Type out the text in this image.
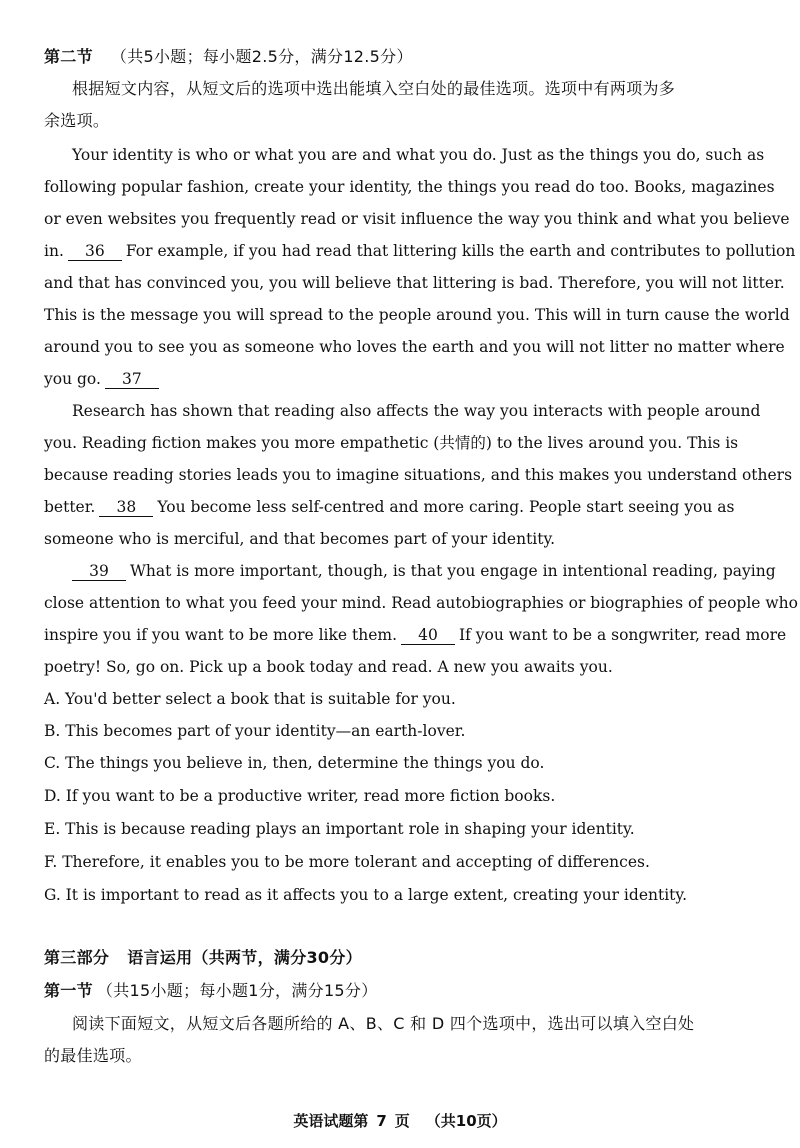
第二节 （共5小题；每小题2.5分，满分12.5分）
根据短文内容，从短文后的选项中选出能填入空白处的最佳选项。选项中有两项为多
余选项。
Your identity is who or what you are and what you do. Just as the things you do, such as
following popular fashion, create your identity, the things you read do too. Books, magazines
or even websites you frequently read or visit influence the way you think and what you believe
in. 36 For example, if you had read that littering kills the earth and contributes to pollution
and that has convinced you, you will believe that littering is bad. Therefore, you will not litter.
This is the message you will spread to the people around you. This will in turn cause the world
around you to see you as someone who loves the earth and you will not litter no matter where
you go. 37
Research has shown that reading also affects the way you interacts with people around
you. Reading fiction makes you more empathetic (共情的) to the lives around you. This is
because reading stories leads you to imagine situations, and this makes you understand others
better. 38 You become less self-centred and more caring. People start seeing you as
someone who is merciful, and that becomes part of your identity.
39 What is more important, though, is that you engage in intentional reading, paying
close attention to what you feed your mind. Read autobiographies or biographies of people who
inspire you if you want to be more like them. 40 If you want to be a songwriter, read more
poetry! So, go on. Pick up a book today and read. A new you awaits you.
A. You'd better select a book that is suitable for you.
B. This becomes part of your identity—an earth-lover.
C. The things you believe in, then, determine the things you do.
D. If you want to be a productive writer, read more fiction books.
E. This is because reading plays an important role in shaping your identity.
F. Therefore, it enables you to be more tolerant and accepting of differences.
G. It is important to read as it affects you to a large extent, creating your identity.
第三部分 语言运用（共两节，满分30分）
第一节 （共15小题；每小题1分，满分15分）
阅读下面短文，从短文后各题所给的 A、B、C 和 D 四个选项中，选出可以填入空白处
的最佳选项。
英语试题第 7 页 （共10页）
